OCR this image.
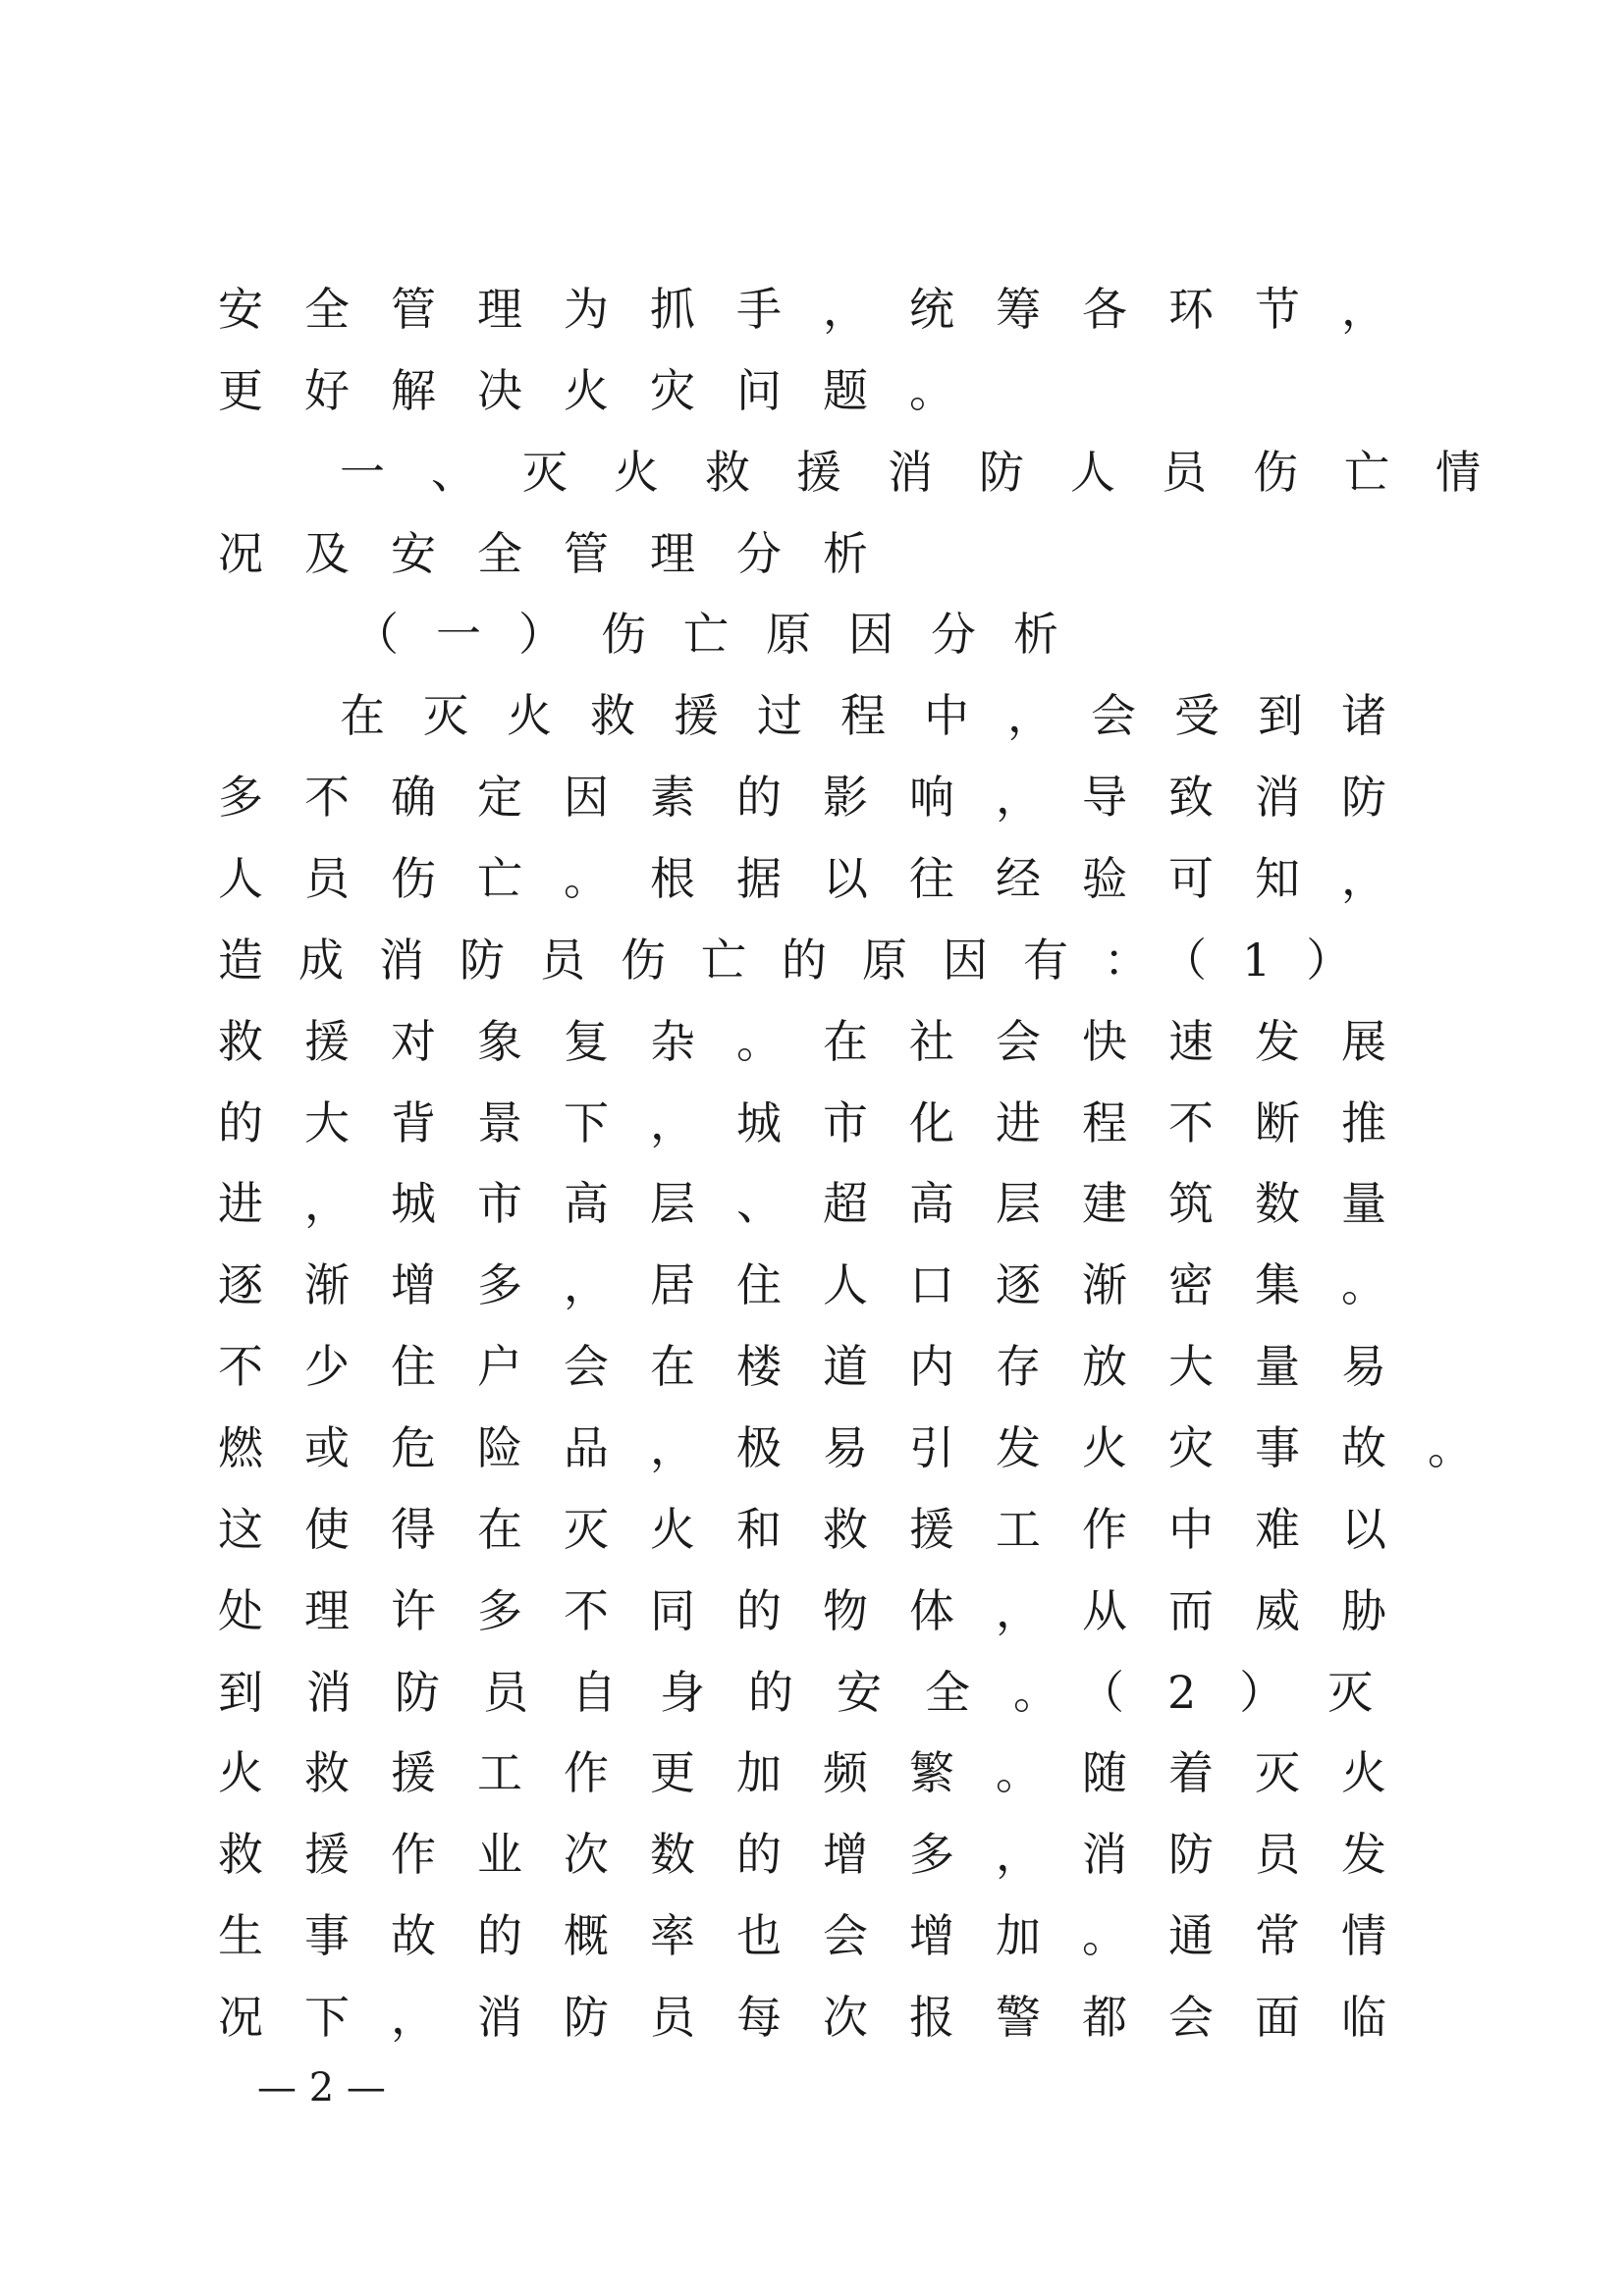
安全管理为抓手，统筹各环节，
更好解决火灾问题。
一、灭火救援消防人员伤亡情
况及安全管理分析
（一）伤亡原因分析
在灭火救援过程中，会受到诸
多不确定因素的影响，导致消防
人员伤亡。根据以往经验可知，
造成消防员伤亡的原因有：（1）
救援对象复杂。在社会快速发展
的大背景下，城市化进程不断推
进，城市高层、超高层建筑数量
逐渐增多，居住人口逐渐密集。
不少住户会在楼道内存放大量易
燃或危险品，极易引发火灾事故。
这使得在灭火和救援工作中难以
处理许多不同的物体，从而威胁
到消防员自身的安全。（2）灭
火救援工作更加频繁。随着灭火
救援作业次数的增多，消防员发
生事故的概率也会增加。通常情
况下，消防员每次报警都会面临
— 2 —
